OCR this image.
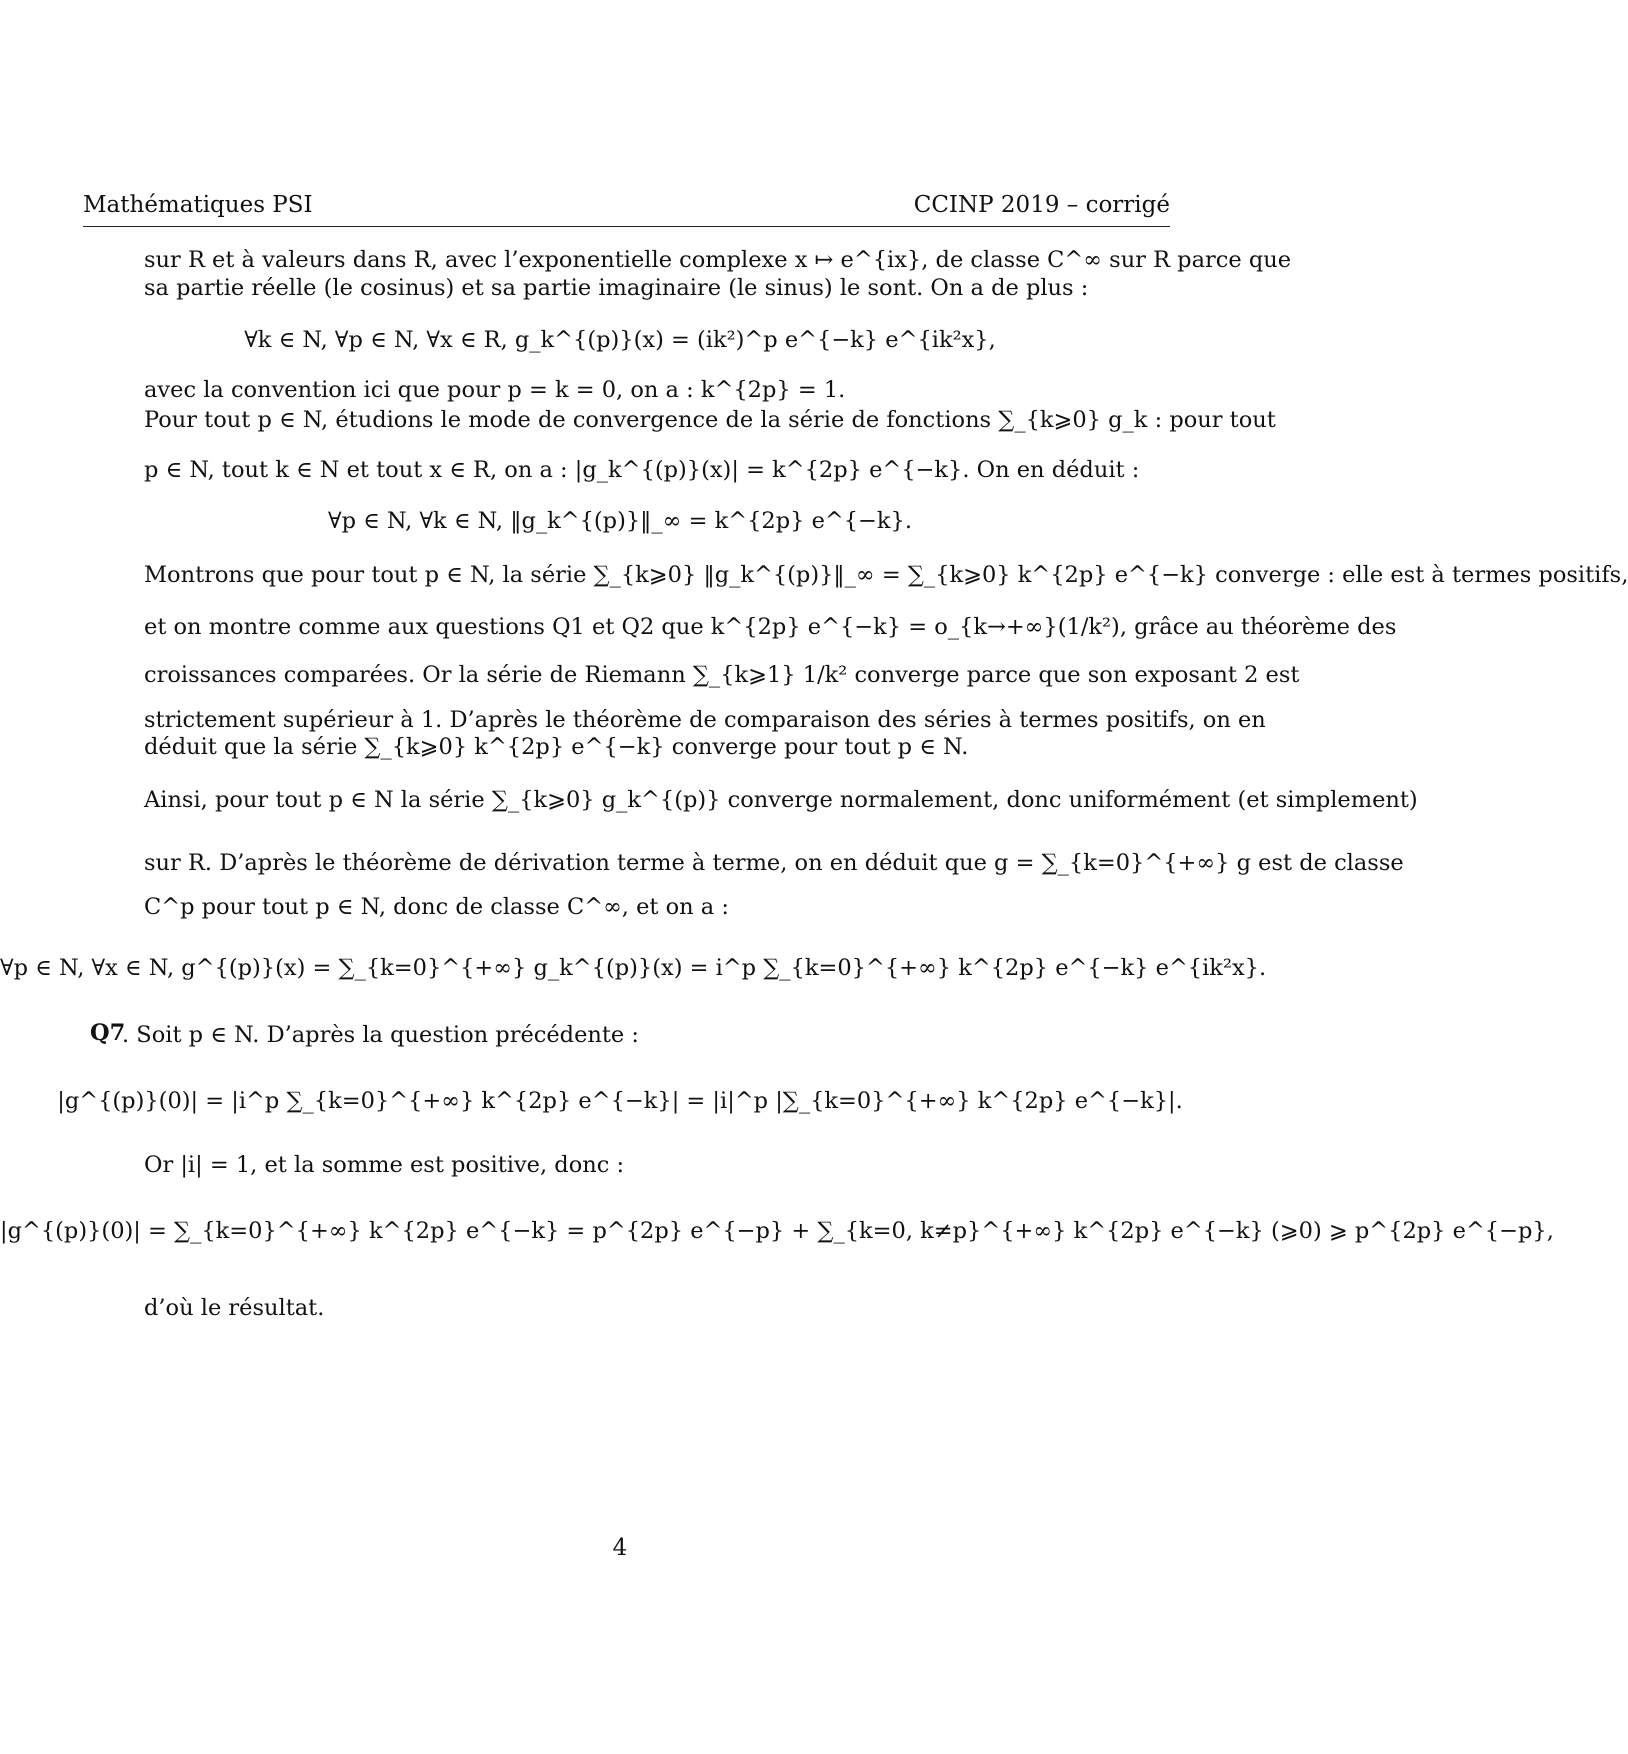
Mathématiques PSI	CCINP 2019 – corrigé
sur R et à valeurs dans R, avec l’exponentielle complexe x ↦ e^{ix}, de classe C^∞ sur R parce que
sa partie réelle (le cosinus) et sa partie imaginaire (le sinus) le sont. On a de plus :
∀k ∈ N, ∀p ∈ N, ∀x ∈ R, g_k^{(p)}(x) = (ik²)^p e^{−k} e^{ik²x},
avec la convention ici que pour p = k = 0, on a : k^{2p} = 1.
Pour tout p ∈ N, étudions le mode de convergence de la série de fonctions ∑_{k⩾0} g_k : pour tout
p ∈ N, tout k ∈ N et tout x ∈ R, on a : |g_k^{(p)}(x)| = k^{2p} e^{−k}. On en déduit :
∀p ∈ N, ∀k ∈ N, ‖g_k^{(p)}‖_∞ = k^{2p} e^{−k}.
Montrons que pour tout p ∈ N, la série ∑_{k⩾0} ‖g_k^{(p)}‖_∞ = ∑_{k⩾0} k^{2p} e^{−k} converge : elle est à termes positifs,
et on montre comme aux questions Q1 et Q2 que k^{2p} e^{−k} = o_{k→+∞}(1/k²), grâce au théorème des
croissances comparées. Or la série de Riemann ∑_{k⩾1} 1/k² converge parce que son exposant 2 est
strictement supérieur à 1. D’après le théorème de comparaison des séries à termes positifs, on en
déduit que la série ∑_{k⩾0} k^{2p} e^{−k} converge pour tout p ∈ N.
Ainsi, pour tout p ∈ N la série ∑_{k⩾0} g_k^{(p)} converge normalement, donc uniformément (et simplement)
sur R. D’après le théorème de dérivation terme à terme, on en déduit que g = ∑_{k=0}^{+∞} g est de classe
C^p pour tout p ∈ N, donc de classe C^∞, et on a :
∀p ∈ N, ∀x ∈ N, g^{(p)}(x) = ∑_{k=0}^{+∞} g_k^{(p)}(x) = i^p ∑_{k=0}^{+∞} k^{2p} e^{−k} e^{ik²x}.
Q7
. Soit p ∈ N. D’après la question précédente :
|g^{(p)}(0)| = |i^p ∑_{k=0}^{+∞} k^{2p} e^{−k}| = |i|^p |∑_{k=0}^{+∞} k^{2p} e^{−k}|.
Or |i| = 1, et la somme est positive, donc :
|g^{(p)}(0)| = ∑_{k=0}^{+∞} k^{2p} e^{−k} = p^{2p} e^{−p} + ∑_{k=0, k≠p}^{+∞} k^{2p} e^{−k} (⩾0) ⩾ p^{2p} e^{−p},
d’où le résultat.
4
